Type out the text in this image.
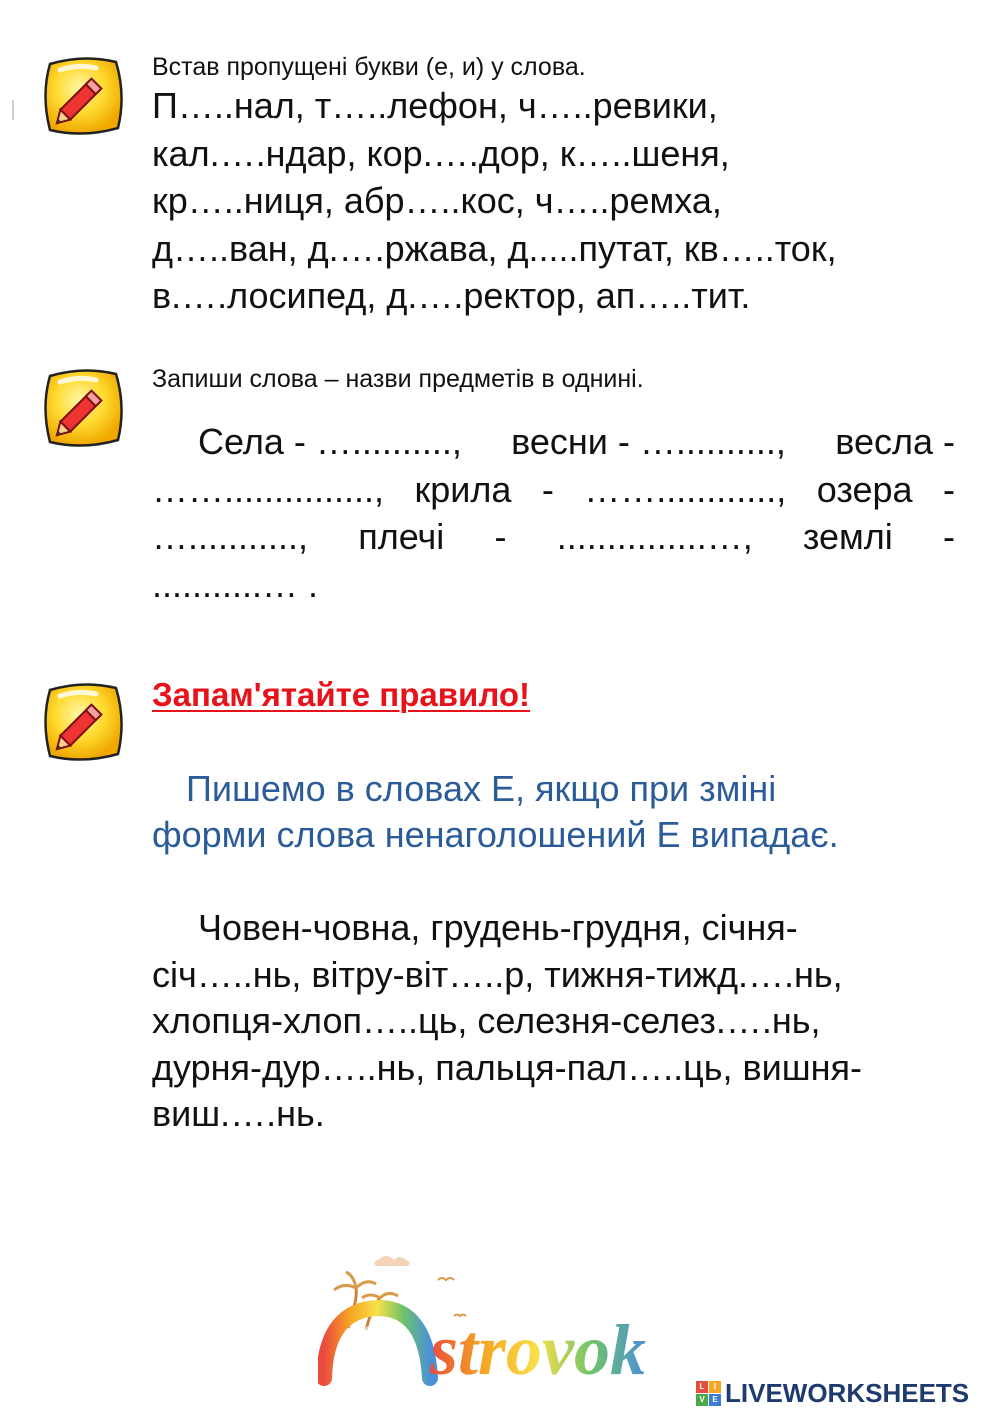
Встав пропущені букви (е, и) у слова.
П…..нал, т…..лефон, ч…..ревики,
кал.….ндар, кор.….дор, к…..шеня,
кр…..ниця, абр…..кос, ч…..ремха,
д…..ван, д.….ржава, д.....путат, кв…..ток,
в.….лосипед, д.….ректор, ап…..тит.
Запиши слова – назви предметів в однині.
Села - ….........., весни - ….........., весла -
……..............., крила - ……............, озера -
…..........., плечі - ...............…, землі -
...........… .
Запам'ятайте правило!
Пишемо в словах Е, якщо при зміні
форми слова ненаголошений Е випадає.
Човен-човна, грудень-грудня, січня-
січ…..нь, вітру-віт…..р, тижня-тижд.….нь,
хлопця-хлоп…..ць, селезня-селез.….нь,
дурня-дур…..нь, пальця-пал…..ць, вишня-
виш.….нь.
strovok	L	I
V E LIVEWORKSHEETS
